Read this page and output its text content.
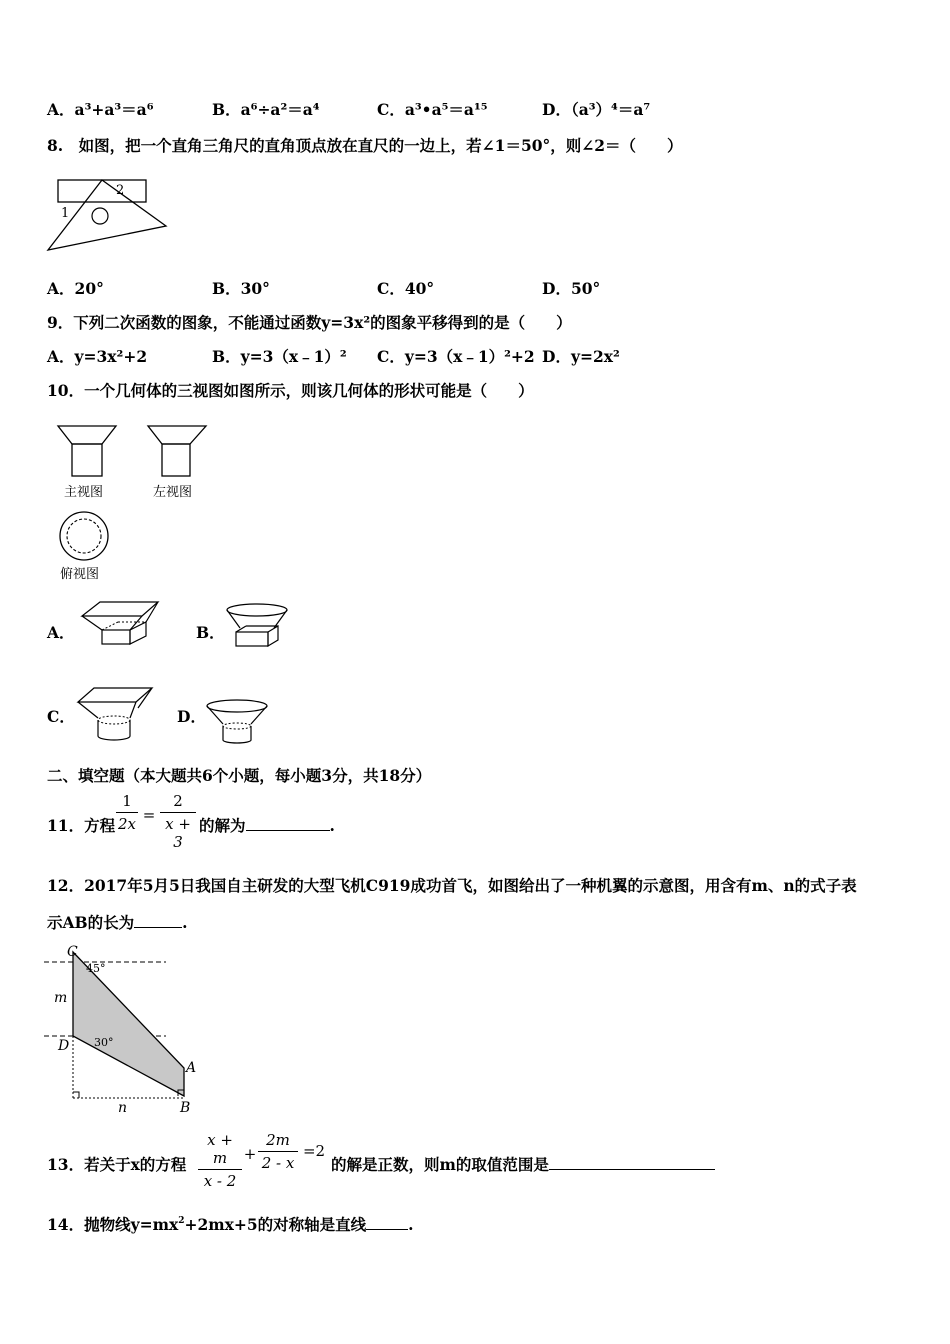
A．a³+a³＝a⁶	B．a⁶÷a²＝a⁴	C．a³•a⁵＝a¹⁵	D．（a³）⁴＝a⁷
8.　如图，把一个直角三角尺的直角顶点放在直尺的一边上，若∠1＝50°，则∠2＝（　　）
1
2
A．20°	B．30°	C．40°	D．50°
9．下列二次函数的图象，不能通过函数y=3x²的图象平移得到的是（　　）
A．y=3x²+2	B．y=3（x﹣1）² C．y=3（x﹣1）²+2 D．y=2x²
10．一个几何体的三视图如图所示，则该几何体的形状可能是（　　）
主视图	左视图
俯视图
A．	B．
C．	D．
二、填空题（本大题共6个小题，每小题3分，共18分）
11．方程
1
2x =
2
x + 3
的解为	.
12．2017年5月5日我国自主研发的大型飞机C919成功首飞，如图给出了一种机翼的示意图，用含有m、n的式子表
示AB的长为	.
C
45°
m
D 30°
A
n	B
13．若关于x的方程
x + m
x - 2
+
2m
2 - x
=2
的解是正数，则m的取值范围是
14．抛物线$y=mx^2+2mx+5$的对称轴是直线	.
